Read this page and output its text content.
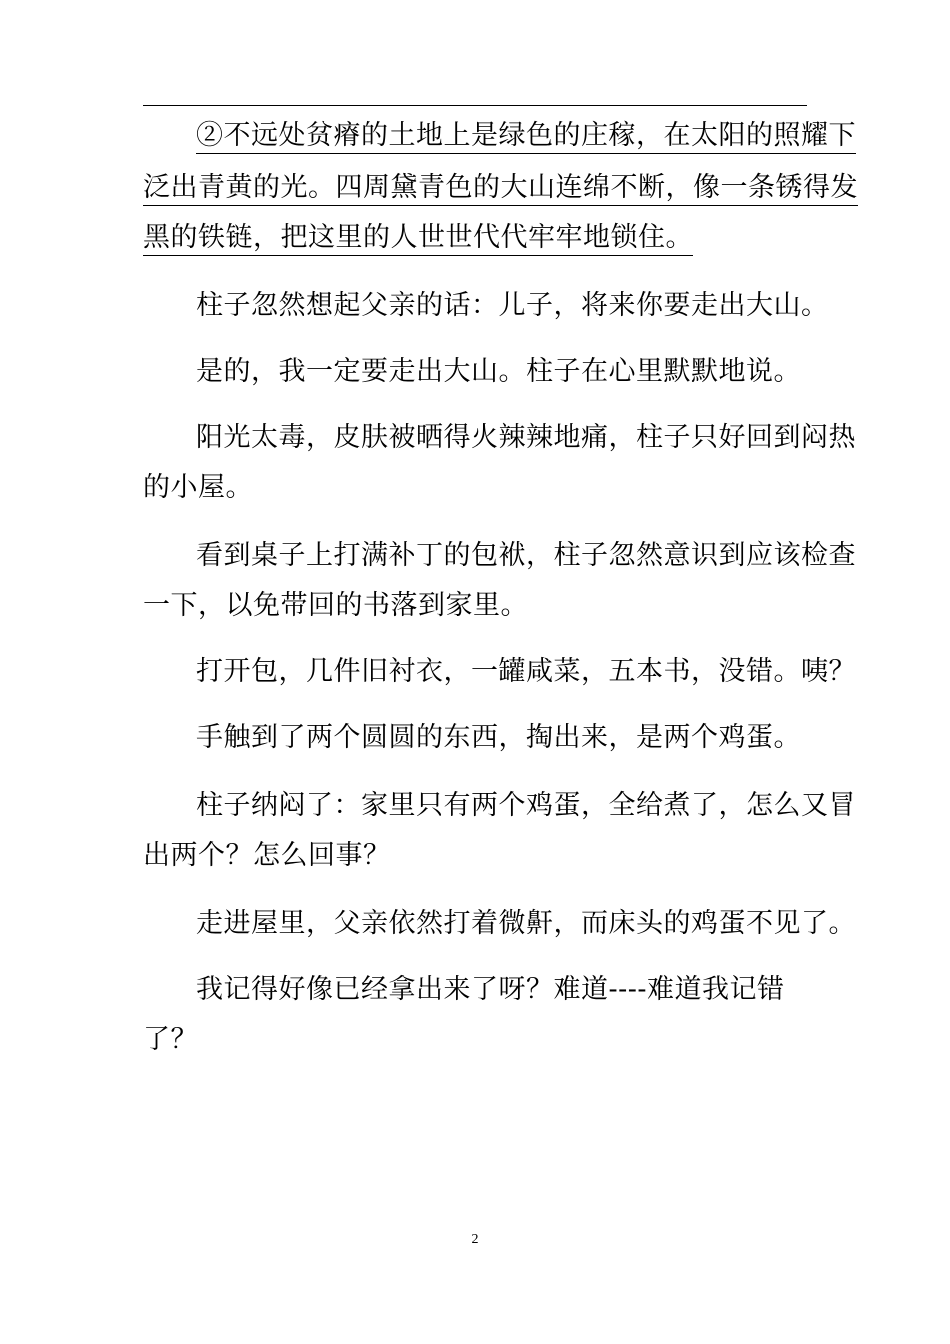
②不远处贫瘠的土地上是绿色的庄稼，在太阳的照耀下
泛出青黄的光。四周黛青色的大山连绵不断，像一条锈得发
黑的铁链，把这里的人世世代代牢牢地锁住。
柱子忽然想起父亲的话：儿子，将来你要走出大山。
是的，我一定要走出大山。柱子在心里默默地说。
阳光太毒，皮肤被晒得火辣辣地痛，柱子只好回到闷热
的小屋。
看到桌子上打满补丁的包袱，柱子忽然意识到应该检查
一下，以免带回的书落到家里。
打开包，几件旧衬衣，一罐咸菜，五本书，没错。咦？
手触到了两个圆圆的东西，掏出来，是两个鸡蛋。
柱子纳闷了：家里只有两个鸡蛋，全给煮了，怎么又冒
出两个？怎么回事？
走进屋里，父亲依然打着微鼾，而床头的鸡蛋不见了。
我记得好像已经拿出来了呀？难道----难道我记错
了？
2
